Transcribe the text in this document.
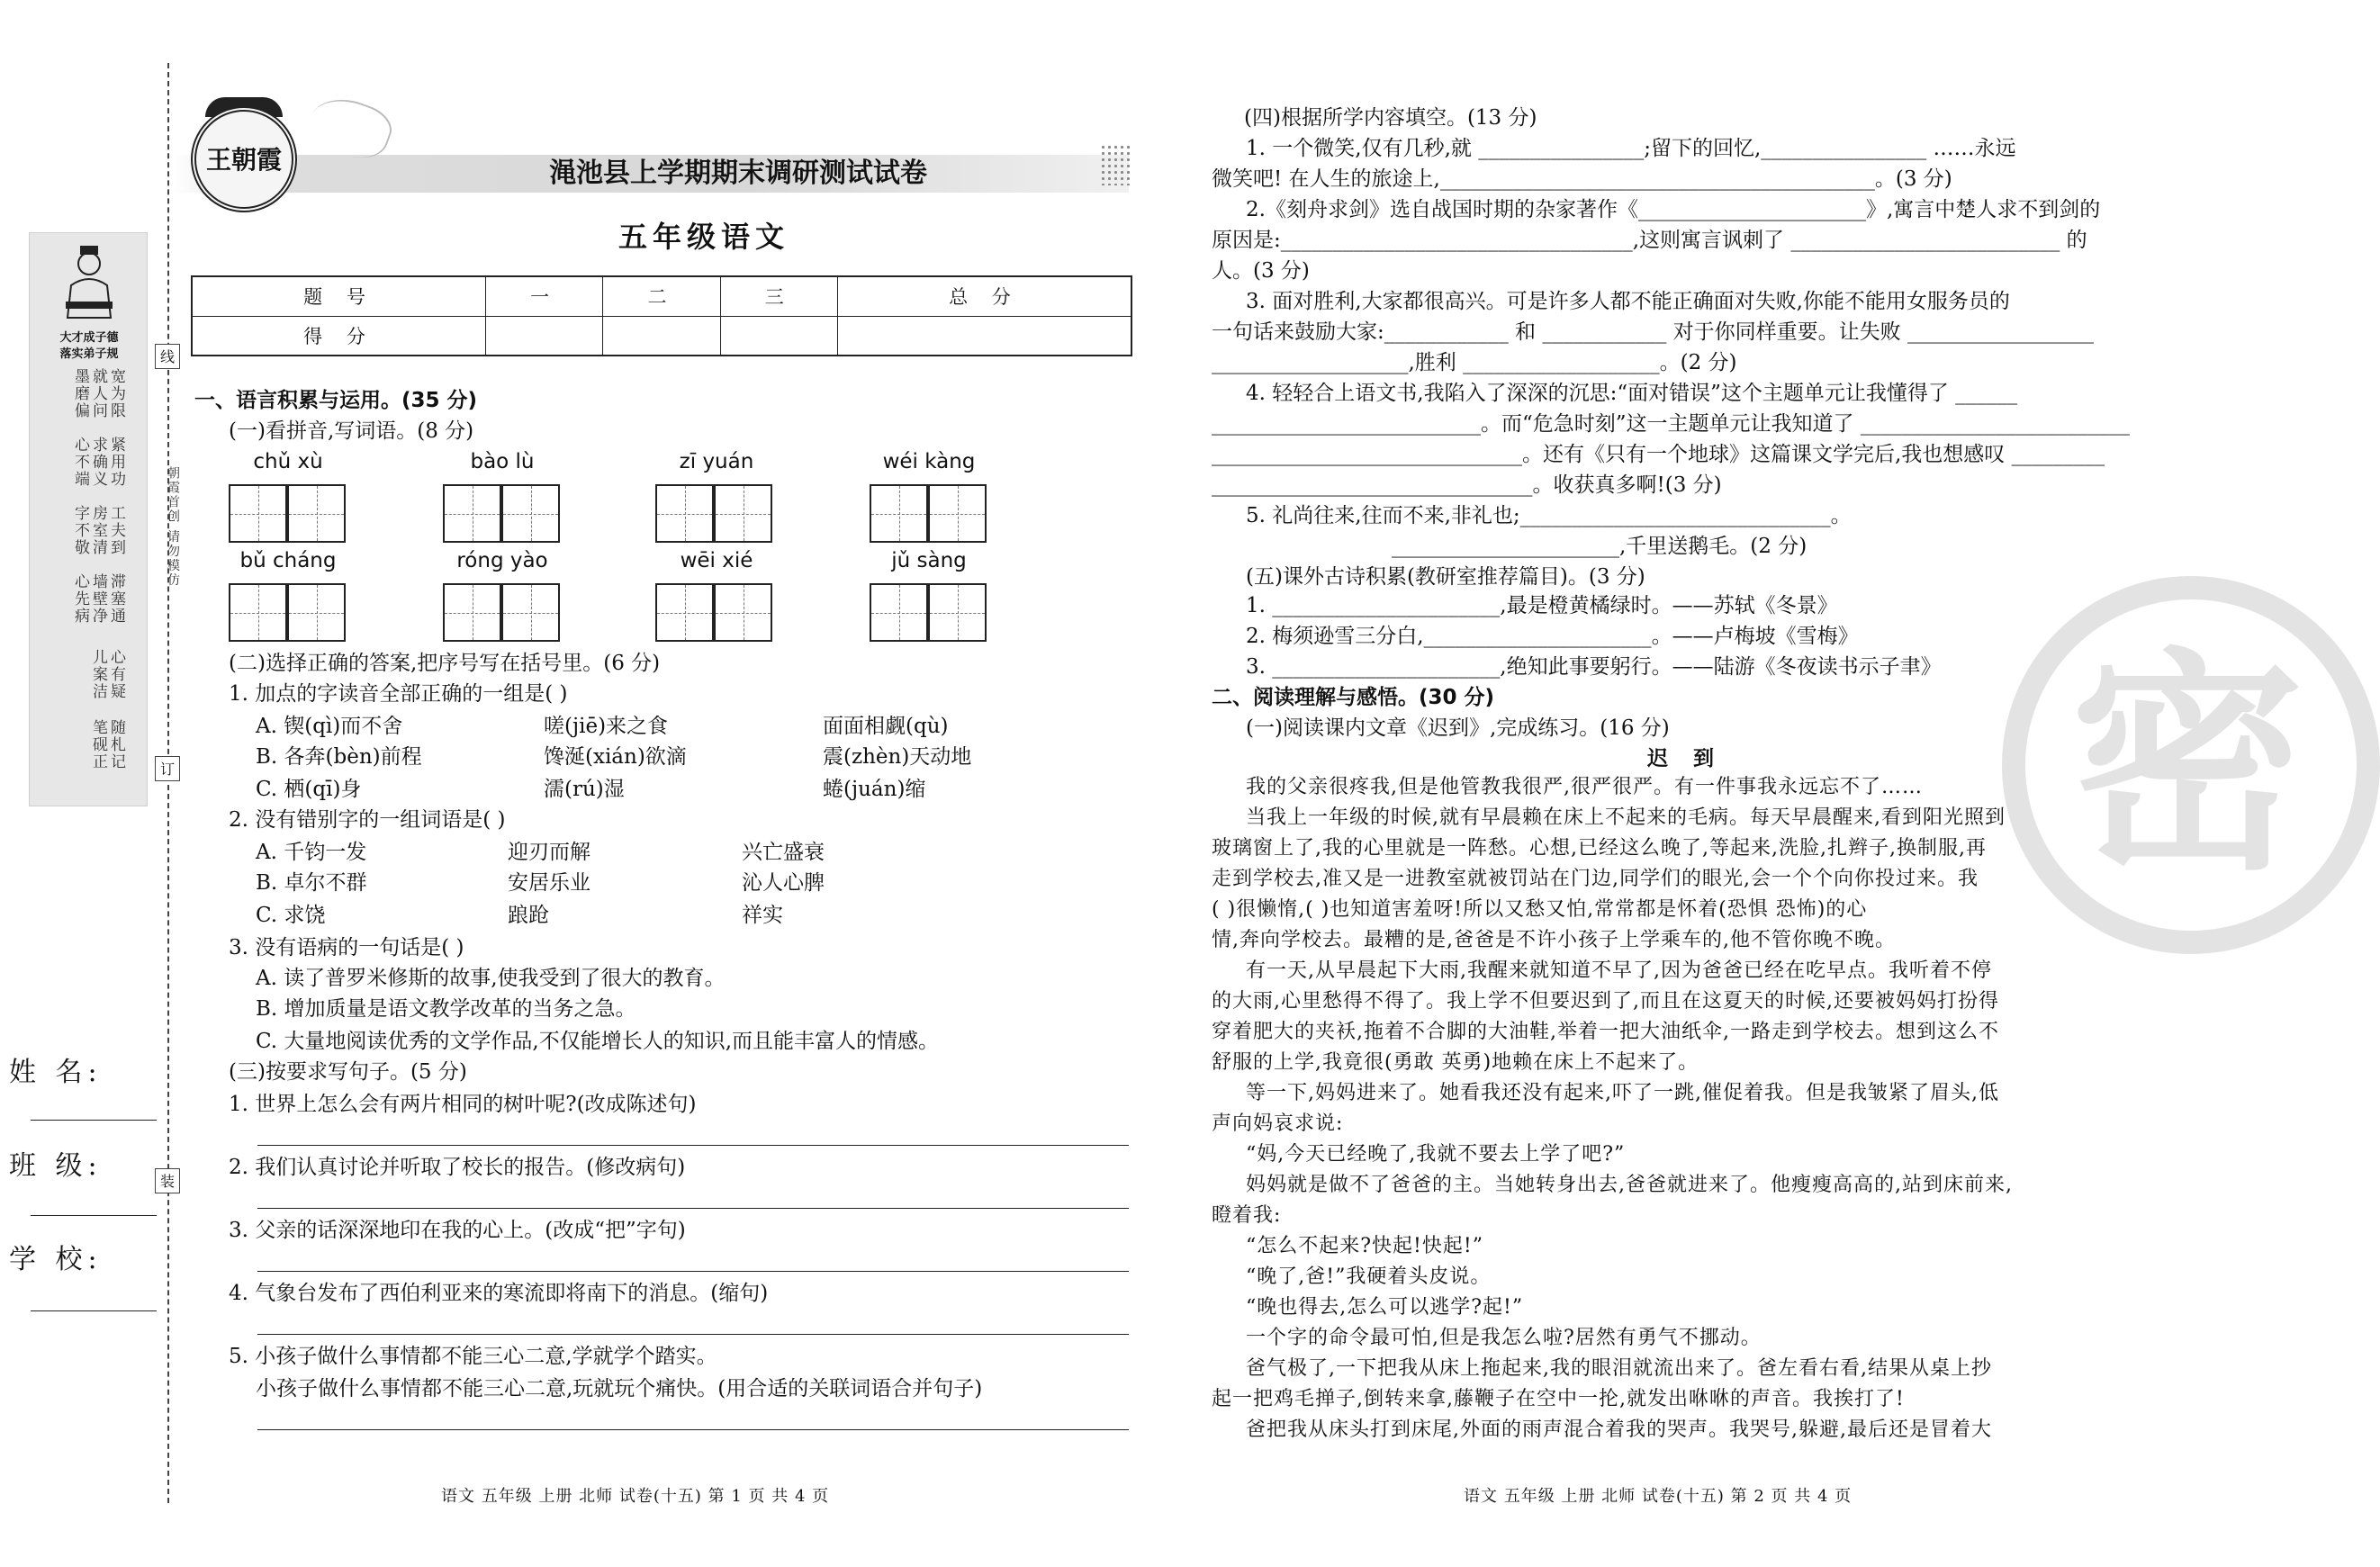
大才成子德
落实弟子规
宽为限
就人问
墨磨偏
紧用功
求确义
心不端
工夫到
房室清
字不敬
滞塞通
墙壁净
心先病
心有疑
儿案洁
随札记
笔砚正
线
订
装
朝霞首创 请勿模仿
姓 名:
班 级:
学 校:
王朝霞	渑池县上学期期末调研测试试卷
五年级语文
题 号	一	二	三	总 分
得 分				
一、语言积累与运用。(35 分)
(一)看拼音,写词语。(8 分)
chǔ xù	bào lù	zī yuán	wéi kàng
bǔ cháng	róng yào	wēi xié	jǔ sàng
(二)选择正确的答案,把序号写在括号里。(6 分)
1. 加点的字读音全部正确的一组是( )
A. 锲(qì)而不舍	嗟(jiē)来之食	面面相觑(qù)
B. 各奔(bèn)前程	馋涎(xián)欲滴	震(zhèn)天动地
C. 栖(qī)身	濡(rú)湿	蜷(juán)缩
2. 没有错别字的一组词语是( )
A. 千钧一发	迎刃而解	兴亡盛衰
B. 卓尔不群	安居乐业	沁人心脾
C. 求饶	踉跄	祥实
3. 没有语病的一句话是( )
A. 读了普罗米修斯的故事,使我受到了很大的教育。
B. 增加质量是语文教学改革的当务之急。
C. 大量地阅读优秀的文学作品,不仅能增长人的知识,而且能丰富人的情感。
(三)按要求写句子。(5 分)
1. 世界上怎么会有两片相同的树叶呢?(改成陈述句)
2. 我们认真讨论并听取了校长的报告。(修改病句)
3. 父亲的话深深地印在我的心上。(改成“把”字句)
4. 气象台发布了西伯利亚来的寒流即将南下的消息。(缩句)
5. 小孩子做什么事情都不能三心二意,学就学个踏实。
小孩子做什么事情都不能三心二意,玩就玩个痛快。(用合适的关联词语合并句子)
语文 五年级 上册 北师 试卷(十五) 第 1 页 共 4 页
密
(四)根据所学内容填空。(13 分)
1. 一个微笑,仅有几秒,就 ________________;留下的回忆,________________ ……永远
微笑吧! 在人生的旅途上,__________________________________________。(3 分)
2.《刻舟求剑》选自战国时期的杂家著作《______________________》,寓言中楚人求不到剑的
原因是:__________________________________,这则寓言讽刺了 __________________________ 的
人。(3 分)
3. 面对胜利,大家都很高兴。可是许多人都不能正确面对失败,你能不能用女服务员的
一句话来鼓励大家:____________ 和 ____________ 对于你同样重要。让失败 __________________
___________________,胜利 ___________________。(2 分)
4. 轻轻合上语文书,我陷入了深深的沉思:“面对错误”这个主题单元让我懂得了 ______
__________________________。而“危急时刻”这一主题单元让我知道了 __________________________
______________________________。还有《只有一个地球》这篇课文学完后,我也想感叹 _________
_______________________________。收获真多啊!(3 分)
5. 礼尚往来,往而不来,非礼也;______________________________。
______________________,千里送鹅毛。(2 分)
(五)课外古诗积累(教研室推荐篇目)。(3 分)
1. ______________________,最是橙黄橘绿时。——苏轼《冬景》
2. 梅须逊雪三分白,______________________。——卢梅坡《雪梅》
3. ______________________,绝知此事要躬行。——陆游《冬夜读书示子聿》
二、阅读理解与感悟。(30 分)
(一)阅读课内文章《迟到》,完成练习。(16 分)
迟 到
我的父亲很疼我,但是他管教我很严,很严很严。有一件事我永远忘不了……
当我上一年级的时候,就有早晨赖在床上不起来的毛病。每天早晨醒来,看到阳光照到
玻璃窗上了,我的心里就是一阵愁。心想,已经这么晚了,等起来,洗脸,扎辫子,换制服,再
走到学校去,准又是一进教室就被罚站在门边,同学们的眼光,会一个个向你投过来。我
( )很懒惰,( )也知道害羞呀!所以又愁又怕,常常都是怀着(恐惧 恐怖)的心
情,奔向学校去。最糟的是,爸爸是不许小孩子上学乘车的,他不管你晚不晚。
有一天,从早晨起下大雨,我醒来就知道不早了,因为爸爸已经在吃早点。我听着不停
的大雨,心里愁得不得了。我上学不但要迟到了,而且在这夏天的时候,还要被妈妈打扮得
穿着肥大的夹袄,拖着不合脚的大油鞋,举着一把大油纸伞,一路走到学校去。想到这么不
舒服的上学,我竟很(勇敢 英勇)地赖在床上不起来了。
等一下,妈妈进来了。她看我还没有起来,吓了一跳,催促着我。但是我皱紧了眉头,低
声向妈哀求说:
“妈,今天已经晚了,我就不要去上学了吧?”
妈妈就是做不了爸爸的主。当她转身出去,爸爸就进来了。他瘦瘦高高的,站到床前来,
瞪着我:
“怎么不起来?快起!快起!”
“晚了,爸!”我硬着头皮说。
“晚也得去,怎么可以逃学?起!”
一个字的命令最可怕,但是我怎么啦?居然有勇气不挪动。
爸气极了,一下把我从床上拖起来,我的眼泪就流出来了。爸左看右看,结果从桌上抄
起一把鸡毛掸子,倒转来拿,藤鞭子在空中一抡,就发出咻咻的声音。我挨打了!
爸把我从床头打到床尾,外面的雨声混合着我的哭声。我哭号,躲避,最后还是冒着大
语文 五年级 上册 北师 试卷(十五) 第 2 页 共 4 页
